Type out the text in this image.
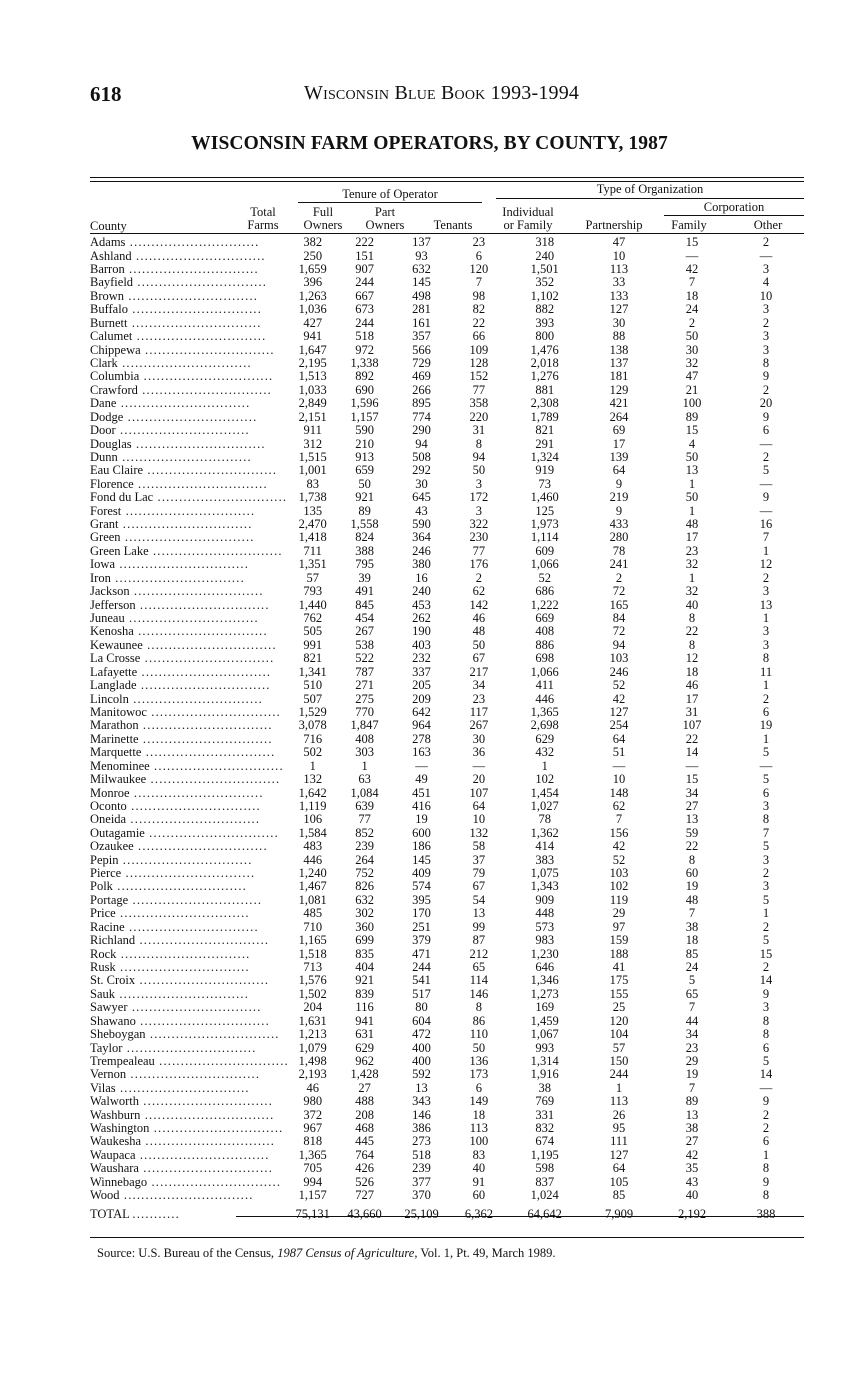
618	Wisconsin Blue Book 1993-1994
WISCONSIN FARM OPERATORS, BY COUNTY, 1987
Tenure of Operator	Type of Organization
Corporation
County
Total
Farms
Full
Owners
Part
Owners	Tenants
Individual
or Family	Partnership	Family	Other
Adams ..............................	382	222	137	23	318	47	15	2
Ashland ..............................	250	151	93	6	240	10	—	—
Barron ..............................	1,659	907	632	120	1,501	113	42	3
Bayfield ..............................	396	244	145	7	352	33	7	4
Brown ..............................	1,263	667	498	98	1,102	133	18	10
Buffalo ..............................	1,036	673	281	82	882	127	24	3
Burnett ..............................	427	244	161	22	393	30	2	2
Calumet ..............................	941	518	357	66	800	88	50	3
Chippewa ..............................	1,647	972	566	109	1,476	138	30	3
Clark ..............................	2,195	1,338	729	128	2,018	137	32	8
Columbia ..............................	1,513	892	469	152	1,276	181	47	9
Crawford ..............................	1,033	690	266	77	881	129	21	2
Dane ..............................	2,849	1,596	895	358	2,308	421	100	20
Dodge ..............................	2,151	1,157	774	220	1,789	264	89	9
Door ..............................	911	590	290	31	821	69	15	6
Douglas ..............................	312	210	94	8	291	17	4	—
Dunn ..............................	1,515	913	508	94	1,324	139	50	2
Eau Claire ..............................	1,001	659	292	50	919	64	13	5
Florence ..............................	83	50	30	3	73	9	1	—
Fond du Lac ..............................	1,738	921	645	172	1,460	219	50	9
Forest ..............................	135	89	43	3	125	9	1	—
Grant ..............................	2,470	1,558	590	322	1,973	433	48	16
Green ..............................	1,418	824	364	230	1,114	280	17	7
Green Lake ..............................	711	388	246	77	609	78	23	1
Iowa ..............................	1,351	795	380	176	1,066	241	32	12
Iron ..............................	57	39	16	2	52	2	1	2
Jackson ..............................	793	491	240	62	686	72	32	3
Jefferson ..............................	1,440	845	453	142	1,222	165	40	13
Juneau ..............................	762	454	262	46	669	84	8	1
Kenosha ..............................	505	267	190	48	408	72	22	3
Kewaunee ..............................	991	538	403	50	886	94	8	3
La Crosse ..............................	821	522	232	67	698	103	12	8
Lafayette ..............................	1,341	787	337	217	1,066	246	18	11
Langlade ..............................	510	271	205	34	411	52	46	1
Lincoln ..............................	507	275	209	23	446	42	17	2
Manitowoc ..............................	1,529	770	642	117	1,365	127	31	6
Marathon ..............................	3,078	1,847	964	267	2,698	254	107	19
Marinette ..............................	716	408	278	30	629	64	22	1
Marquette ..............................	502	303	163	36	432	51	14	5
Menominee ..............................	1	1	—	—	1	—	—	—
Milwaukee ..............................	132	63	49	20	102	10	15	5
Monroe ..............................	1,642	1,084	451	107	1,454	148	34	6
Oconto ..............................	1,119	639	416	64	1,027	62	27	3
Oneida ..............................	106	77	19	10	78	7	13	8
Outagamie ..............................	1,584	852	600	132	1,362	156	59	7
Ozaukee ..............................	483	239	186	58	414	42	22	5
Pepin ..............................	446	264	145	37	383	52	8	3
Pierce ..............................	1,240	752	409	79	1,075	103	60	2
Polk ..............................	1,467	826	574	67	1,343	102	19	3
Portage ..............................	1,081	632	395	54	909	119	48	5
Price ..............................	485	302	170	13	448	29	7	1
Racine ..............................	710	360	251	99	573	97	38	2
Richland ..............................	1,165	699	379	87	983	159	18	5
Rock ..............................	1,518	835	471	212	1,230	188	85	15
Rusk ..............................	713	404	244	65	646	41	24	2
St. Croix ..............................	1,576	921	541	114	1,346	175	5	14
Sauk ..............................	1,502	839	517	146	1,273	155	65	9
Sawyer ..............................	204	116	80	8	169	25	7	3
Shawano ..............................	1,631	941	604	86	1,459	120	44	8
Sheboygan ..............................	1,213	631	472	110	1,067	104	34	8
Taylor ..............................	1,079	629	400	50	993	57	23	6
Trempealeau ..............................	1,498	962	400	136	1,314	150	29	5
Vernon ..............................	2,193	1,428	592	173	1,916	244	19	14
Vilas ..............................	46	27	13	6	38	1	7	—
Walworth ..............................	980	488	343	149	769	113	89	9
Washburn ..............................	372	208	146	18	331	26	13	2
Washington ..............................	967	468	386	113	832	95	38	2
Waukesha ..............................	818	445	273	100	674	111	27	6
Waupaca ..............................	1,365	764	518	83	1,195	127	42	1
Waushara ..............................	705	426	239	40	598	64	35	8
Winnebago ..............................	994	526	377	91	837	105	43	9
Wood ..............................	1,157	727	370	60	1,024	85	40	8
TOTAL ...........	75,131	43,660	25,109	6,362	64,642	7,909	2,192	388
Source: U.S. Bureau of the Census, 1987 Census of Agriculture, Vol. 1, Pt. 49, March 1989.
